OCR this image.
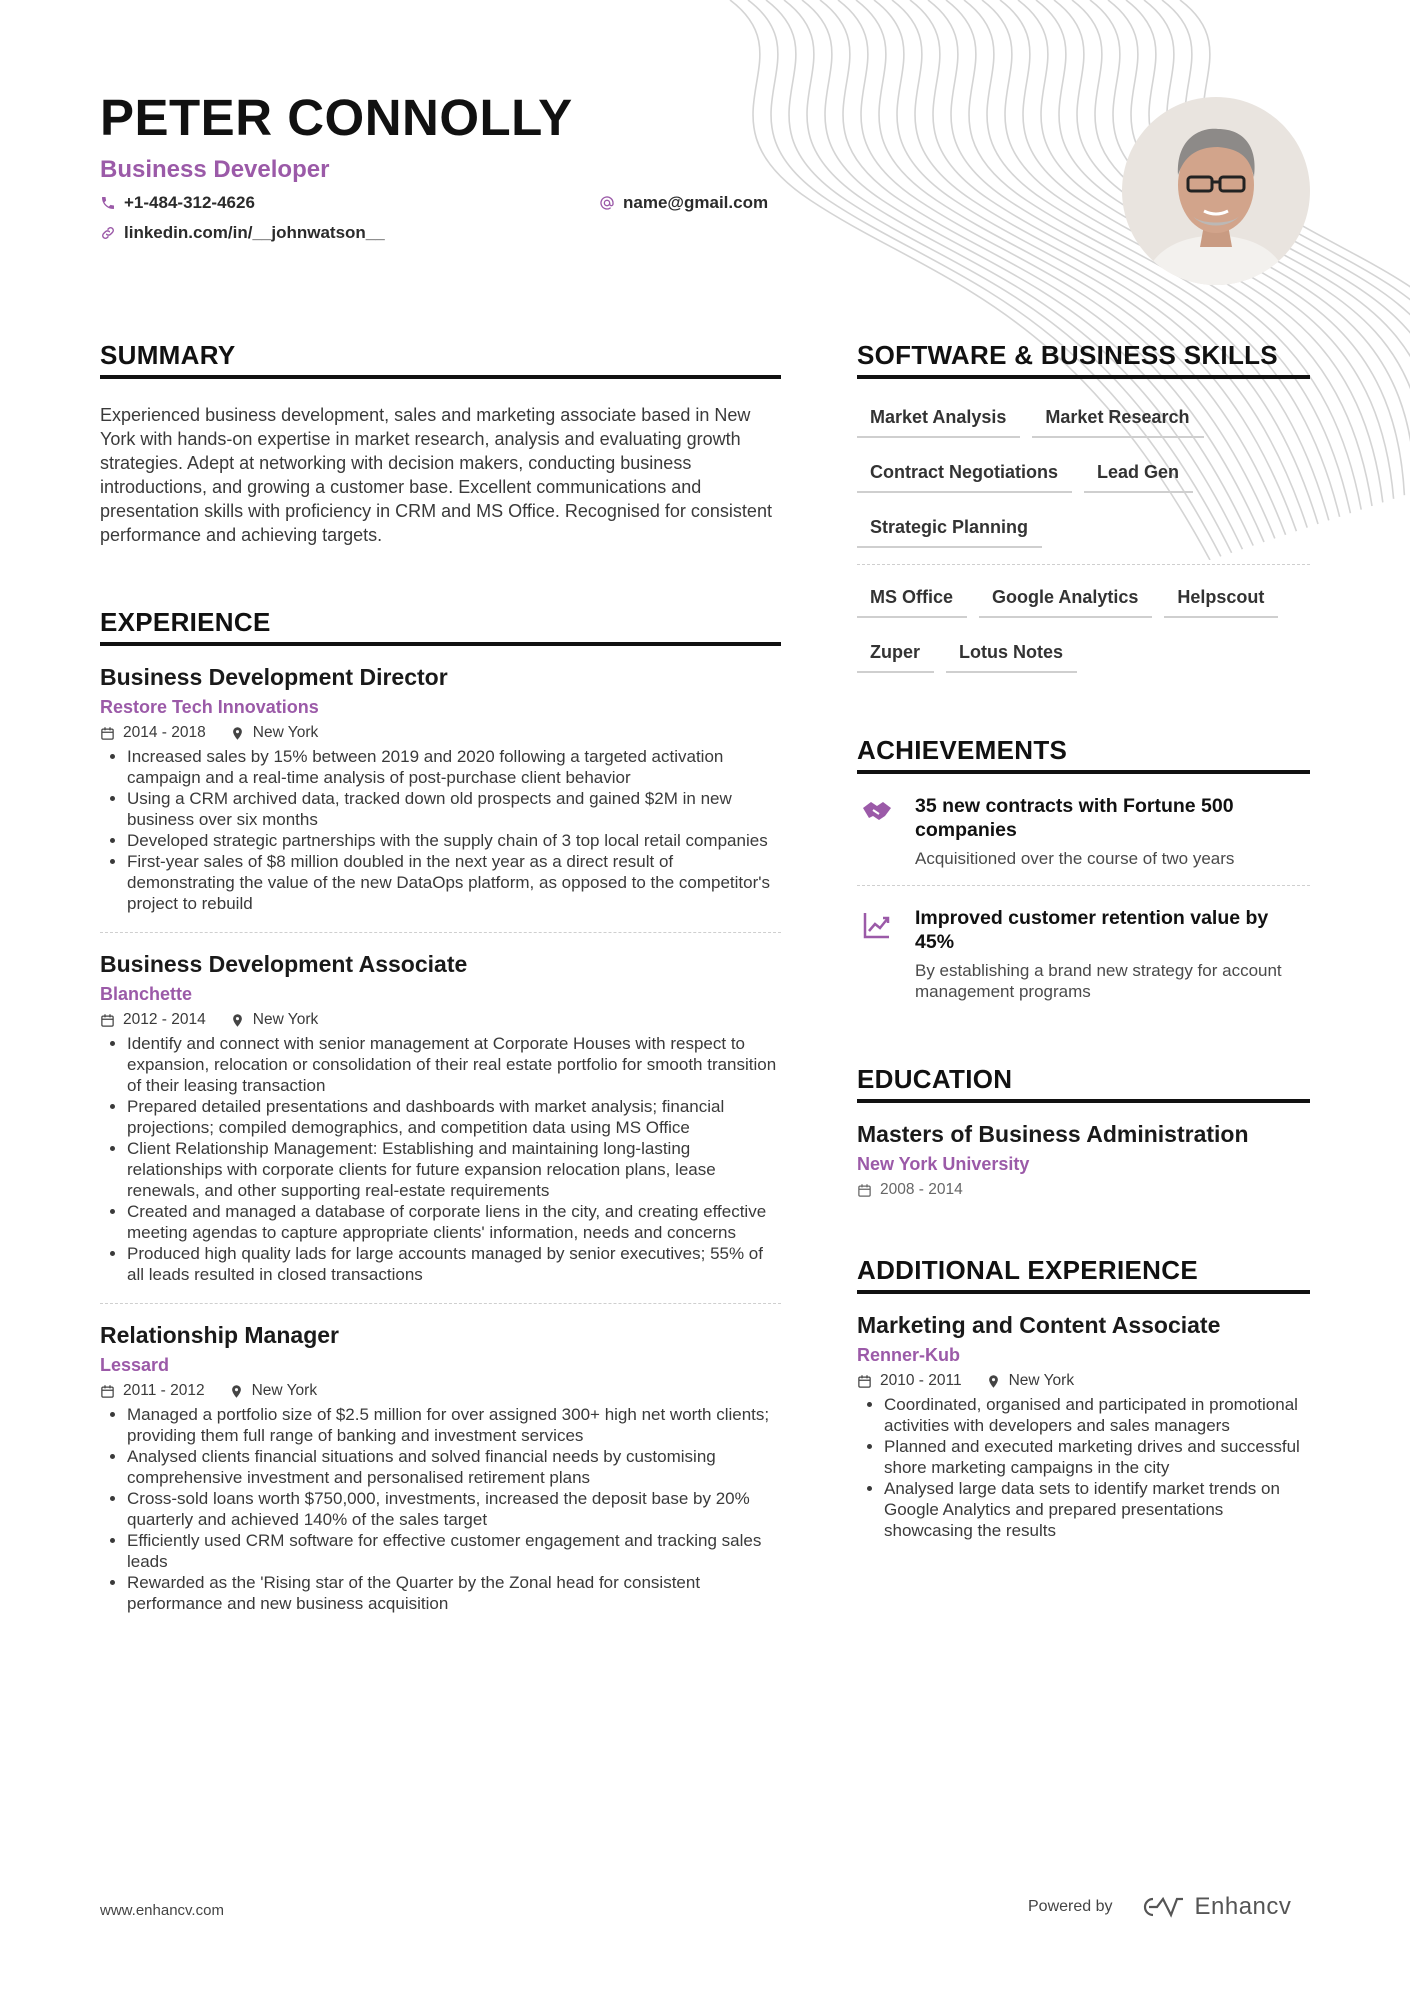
PETER CONNOLLY
Business Developer
+1-484-312-4626	name@gmail.com
linkedin.com/in/__johnwatson__
SUMMARY

Experienced business development, sales and marketing associate based in New York with hands-on expertise in market research, analysis and evaluating growth strategies. Adept at networking with decision makers, conducting business introductions, and growing a customer base. Excellent communications and presentation skills with proficiency in CRM and MS Office. Recognised for consistent performance and achieving targets.

EXPERIENCE
Business Development Director
Restore Tech Innovations
2014 - 2018	New York
• Increased sales by 15% between 2019 and 2020 following a targeted activation campaign and a real-time analysis of post-purchase client behavior
• Using a CRM archived data, tracked down old prospects and gained $2M in new business over six months
• Developed strategic partnerships with the supply chain of 3 top local retail companies
• First-year sales of $8 million doubled in the next year as a direct result of demonstrating the value of the new DataOps platform, as opposed to the competitor's project to rebuild
Business Development Associate
Blanchette
2012 - 2014	New York
• Identify and connect with senior management at Corporate Houses with respect to expansion, relocation or consolidation of their real estate portfolio for smooth transition of their leasing transaction
• Prepared detailed presentations and dashboards with market analysis; financial projections; compiled demographics, and competition data using MS Office
• Client Relationship Management: Establishing and maintaining long-lasting relationships with corporate clients for future expansion relocation plans, lease renewals, and other supporting real-estate requirements
• Created and managed a database of corporate liens in the city, and creating effective meeting agendas to capture appropriate clients' information, needs and concerns
• Produced high quality lads for large accounts managed by senior executives; 55% of all leads resulted in closed transactions
Relationship Manager
Lessard
2011 - 2012	New York
• Managed a portfolio size of $2.5 million for over assigned 300+ high net worth clients; providing them full range of banking and investment services
• Analysed clients financial situations and solved financial needs by customising comprehensive investment and personalised retirement plans
• Cross-sold loans worth $750,000, investments, increased the deposit base by 20% quarterly and achieved 140% of the sales target
• Efficiently used CRM software for effective customer engagement and tracking sales leads
• Rewarded as the 'Rising star of the Quarter by the Zonal head for consistent performance and new business acquisition
SOFTWARE & BUSINESS SKILLS
Market Analysis	Market Research
Contract Negotiations	Lead Gen
Strategic Planning
MS Office	Google Analytics	Helpscout
Zuper	Lotus Notes
ACHIEVEMENTS
35 new contracts with Fortune 500 companies
Acquisitioned over the course of two years
Improved customer retention value by 45%
By establishing a brand new strategy for account management programs
EDUCATION
Masters of Business Administration
New York University
2008 - 2014
ADDITIONAL EXPERIENCE
Marketing and Content Associate
Renner-Kub
2010 - 2011	New York
• Coordinated, organised and participated in promotional activities with developers and sales managers
• Planned and executed marketing drives and successful shore marketing campaigns in the city
• Analysed large data sets to identify market trends on Google Analytics and prepared presentations showcasing the results
www.enhancv.com	Powered by	Enhancv
